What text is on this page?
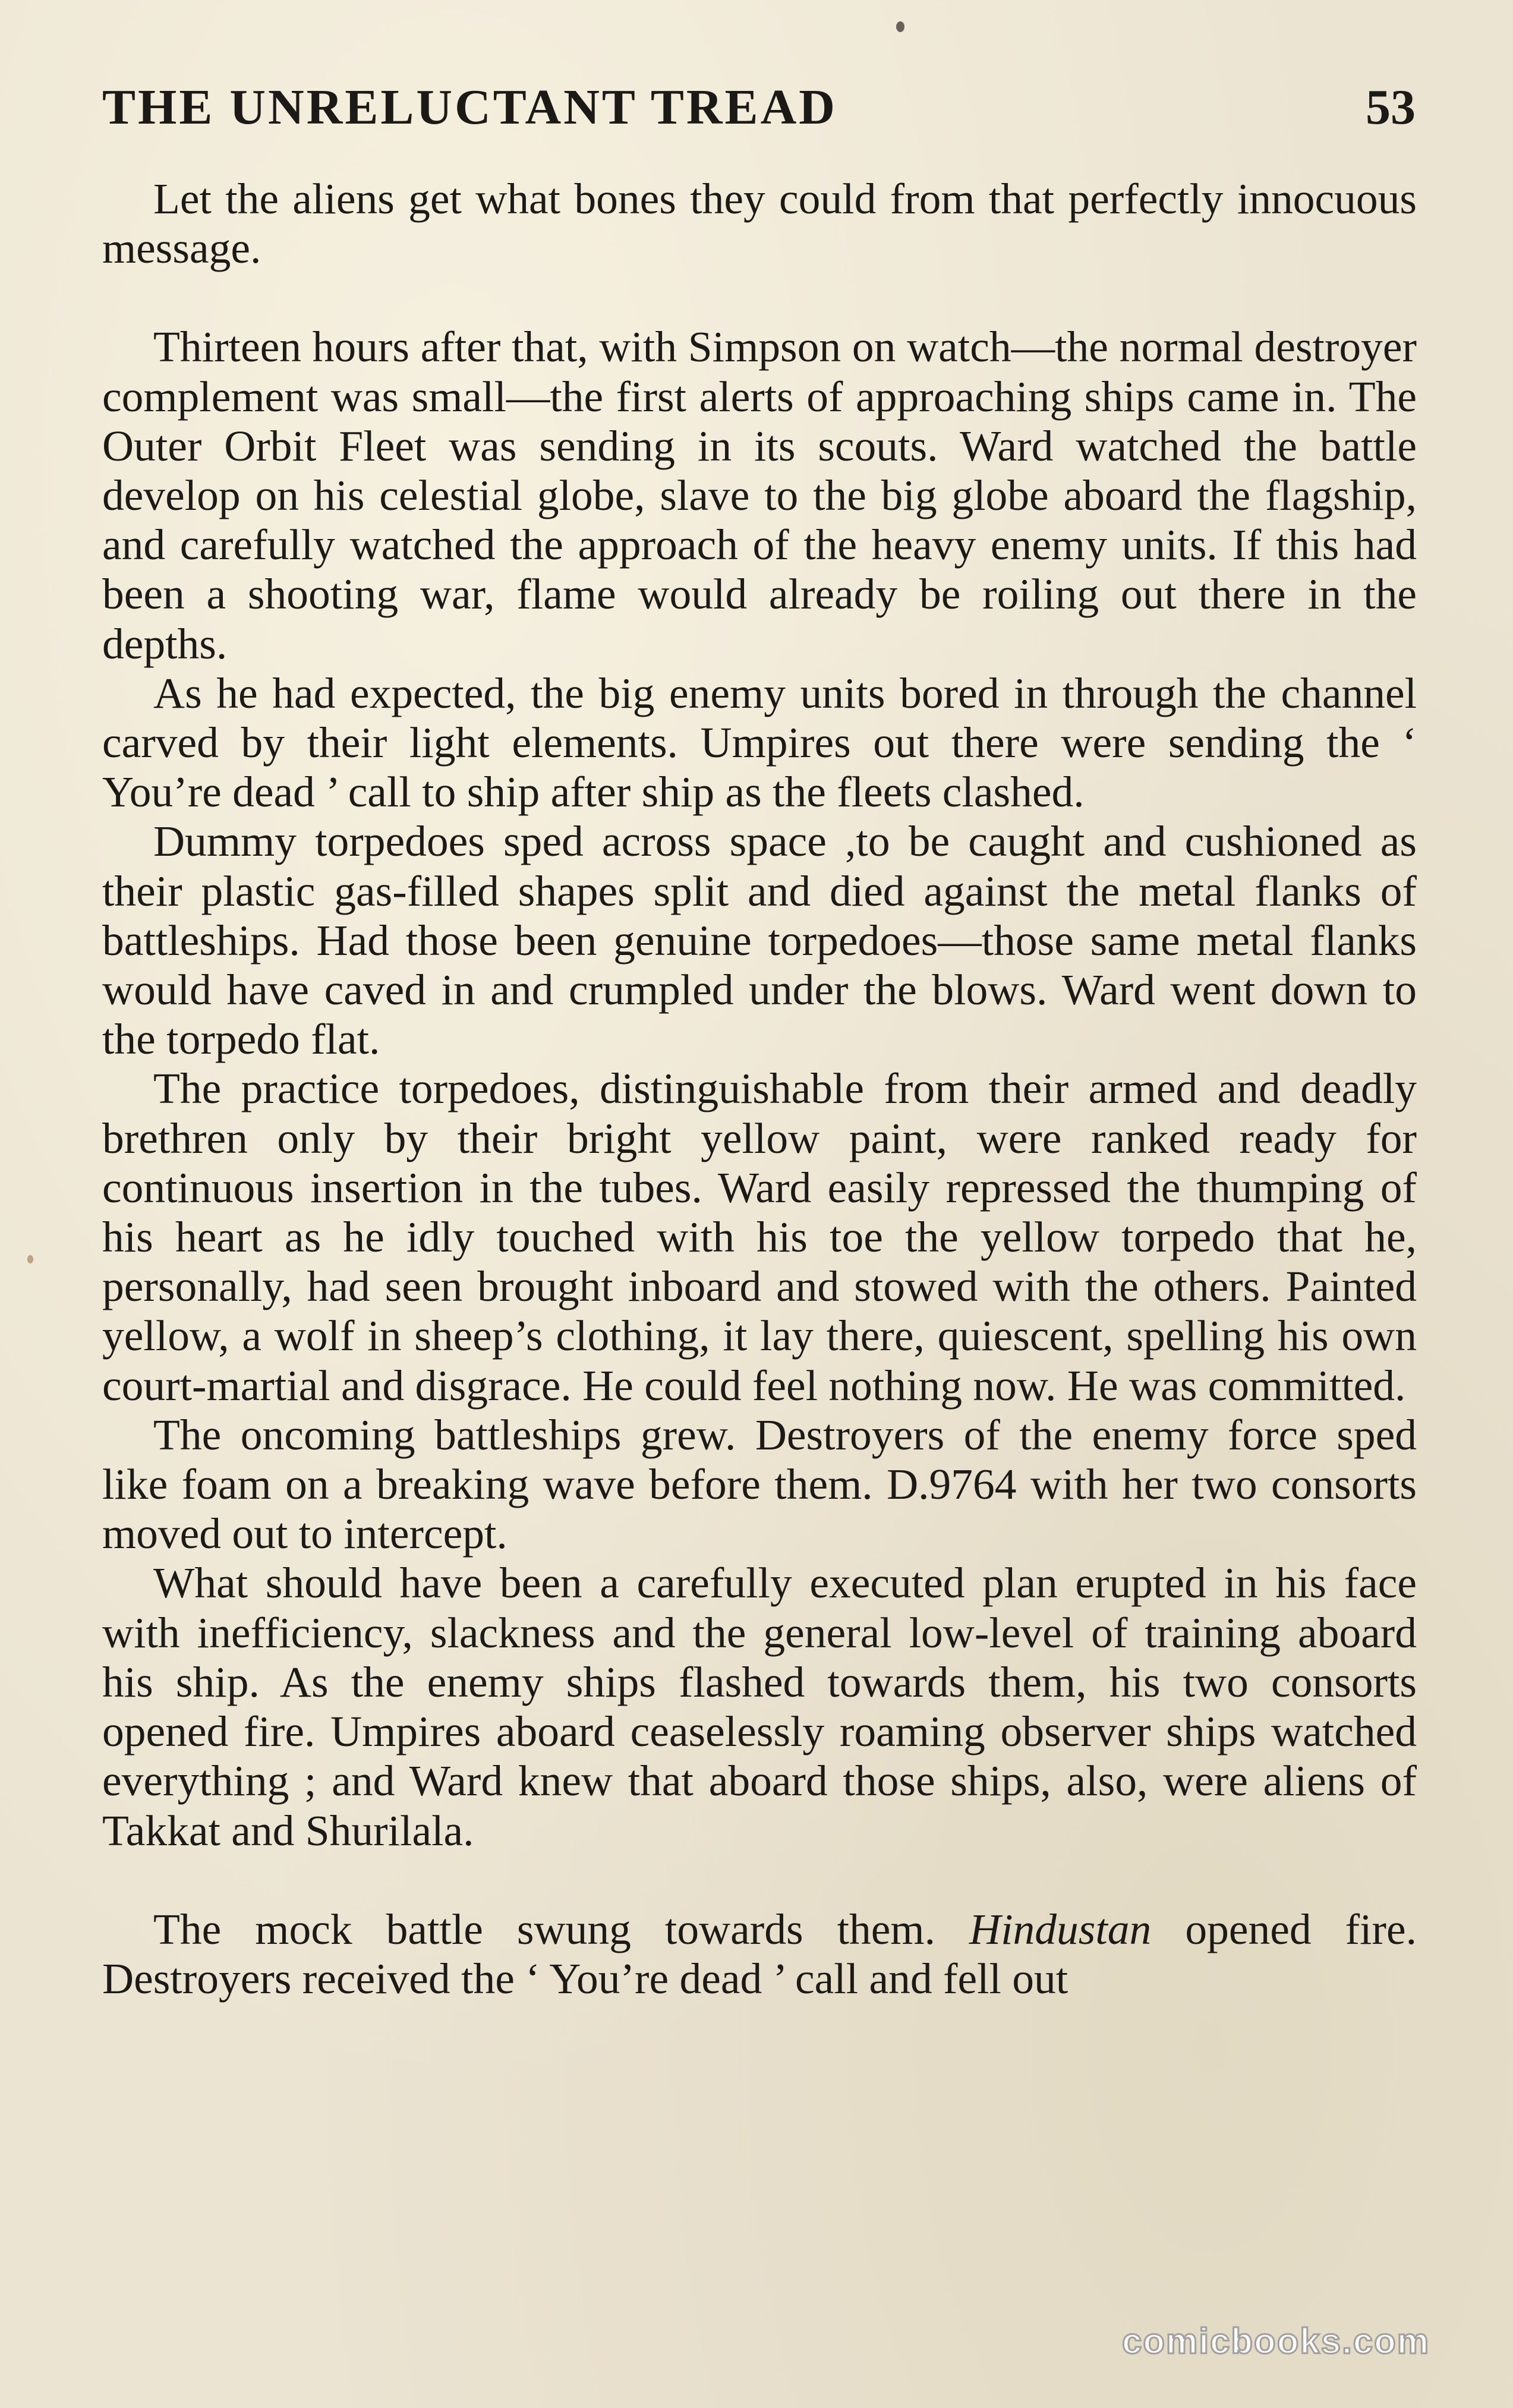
THE UNRELUCTANT TREAD	53

Let the aliens get what bones they could from that perfectly innocuous message.

Thirteen hours after that, with Simpson on watch—the normal destroyer complement was small—the first alerts of approaching ships came in. The Outer Orbit Fleet was sending in its scouts. Ward watched the battle develop on his celestial globe, slave to the big globe aboard the flagship, and carefully watched the approach of the heavy enemy units. If this had been a shooting war, flame would already be roiling out there in the depths.

As he had expected, the big enemy units bored in through the channel carved by their light elements. Umpires out there were sending the ‘ You’re dead ’ call to ship after ship as the fleets clashed.

Dummy torpedoes sped across space ,to be caught and cushioned as their plastic gas-filled shapes split and died against the metal flanks of battleships. Had those been genuine torpedoes—those same metal flanks would have caved in and crumpled under the blows. Ward went down to the torpedo flat.

The practice torpedoes, distinguishable from their armed and deadly brethren only by their bright yellow paint, were ranked ready for continuous insertion in the tubes. Ward easily repressed the thumping of his heart as he idly touched with his toe the yellow torpedo that he, personally, had seen brought inboard and stowed with the others. Painted yellow, a wolf in sheep’s clothing, it lay there, quiescent, spelling his own court-martial and disgrace. He could feel nothing now. He was committed.

The oncoming battleships grew. Destroyers of the enemy force sped like foam on a breaking wave before them. D.9764 with her two consorts moved out to intercept.

What should have been a carefully executed plan erupted in his face with inefficiency, slackness and the general low-level of training aboard his ship. As the enemy ships flashed towards them, his two consorts opened fire. Umpires aboard ceaselessly roaming observer ships watched everything ; and Ward knew that aboard those ships, also, were aliens of Takkat and Shurilala.

The mock battle swung towards them. Hindustan opened fire. Destroyers received the ‘ You’re dead ’ call and fell out

comicbooks.com
